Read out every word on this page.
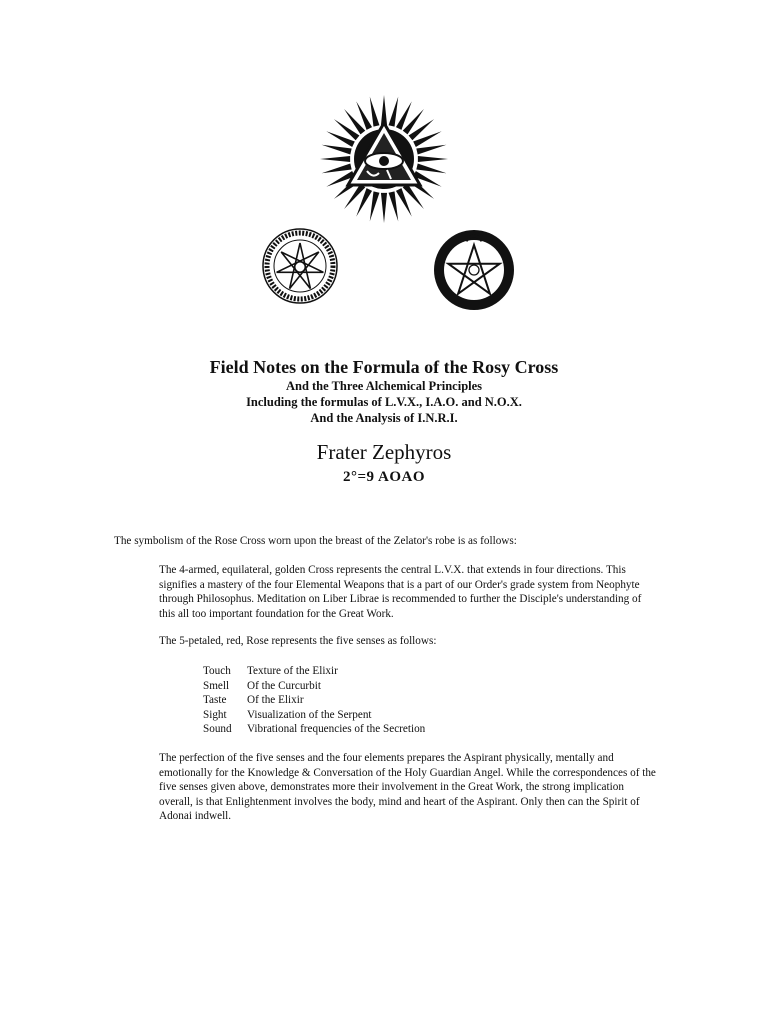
Field Notes on the Formula of the Rosy Cross
And the Three Alchemical Principles
Including the formulas of L.V.X., I.A.O. and N.O.X.
And the Analysis of I.N.R.I.
Frater Zephyros
2°=9 AOAO
The symbolism of the Rose Cross worn upon the breast of the Zelator's robe is as follows:
The 4-armed, equilateral, golden Cross represents the central L.V.X. that extends in four directions. This signifies a mastery of the four Elemental Weapons that is a part of our Order's grade system from Neophyte through Philosophus. Meditation on Liber Librae is recommended to further the Disciple's understanding of this all too important foundation for the Great Work.
The 5-petaled, red, Rose represents the five senses as follows:
Touch Texture of the Elixir
Smell Of the Curcurbit
Taste Of the Elixir
Sight Visualization of the Serpent
Sound Vibrational frequencies of the Secretion
The perfection of the five senses and the four elements prepares the Aspirant physically, mentally and emotionally for the Knowledge & Conversation of the Holy Guardian Angel. While the correspondences of the five senses given above, demonstrates more their involvement in the Great Work, the strong implication overall, is that Enlightenment involves the body, mind and heart of the Aspirant. Only then can the Spirit of Adonai indwell.
